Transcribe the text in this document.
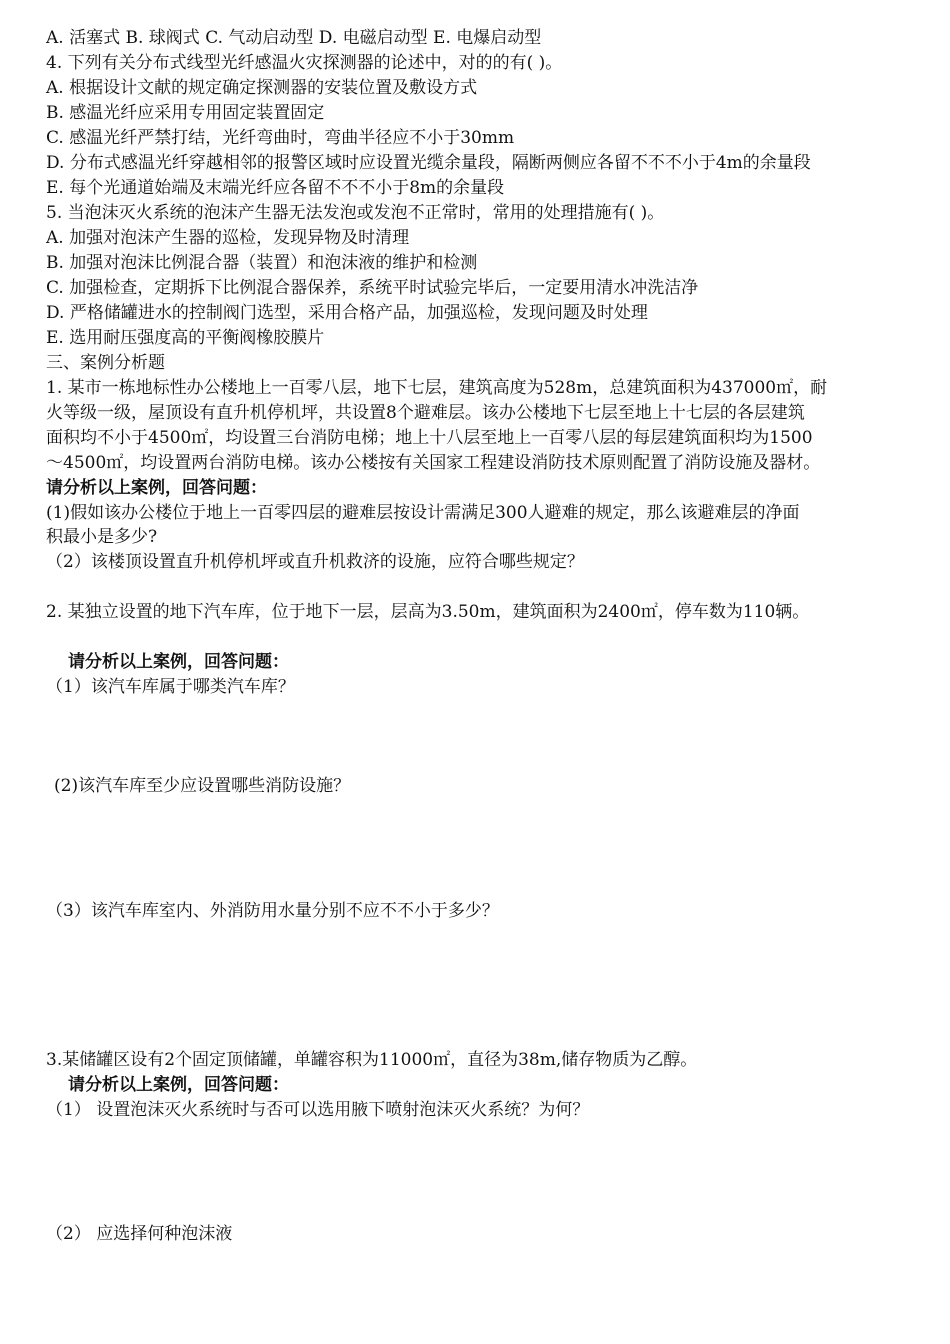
A. 活塞式 B. 球阀式 C. 气动启动型 D. 电磁启动型 E. 电爆启动型
4. 下列有关分布式线型光纤感温火灾探测器的论述中，对的的有( )。
A. 根据设计文献的规定确定探测器的安装位置及敷设方式
B. 感温光纤应采用专用固定装置固定
C. 感温光纤严禁打结，光纤弯曲时，弯曲半径应不小于30mm
D. 分布式感温光纤穿越相邻的报警区域时应设置光缆余量段，隔断两侧应各留不不不小于4m的余量段
E. 每个光通道始端及末端光纤应各留不不不小于8m的余量段
5. 当泡沫灭火系统的泡沫产生器无法发泡或发泡不正常时，常用的处理措施有( )。
A. 加强对泡沫产生器的巡检，发现异物及时清理
B. 加强对泡沫比例混合器（装置）和泡沫液的维护和检测
C. 加强检查，定期拆下比例混合器保养，系统平时试验完毕后，一定要用清水冲洗洁净
D. 严格储罐进水的控制阀门选型，采用合格产品，加强巡检，发现问题及时处理
E. 选用耐压强度高的平衡阀橡胶膜片
三、案例分析题
1. 某市一栋地标性办公楼地上一百零八层，地下七层，建筑高度为528m，总建筑面积为437000㎡，耐
火等级一级，屋顶设有直升机停机坪，共设置8个避难层。该办公楼地下七层至地上十七层的各层建筑
面积均不小于4500㎡，均设置三台消防电梯；地上十八层至地上一百零八层的每层建筑面积均为1500
～4500㎡，均设置两台消防电梯。该办公楼按有关国家工程建设消防技术原则配置了消防设施及器材。
请分析以上案例，回答问题：
(1)假如该办公楼位于地上一百零四层的避难层按设计需满足300人避难的规定，那么该避难层的净面
积最小是多少?
（2）该楼顶设置直升机停机坪或直升机救济的设施，应符合哪些规定？
2. 某独立设置的地下汽车库，位于地下一层，层高为3.50m，建筑面积为2400㎡，停车数为110辆。
请分析以上案例，回答问题：
（1）该汽车库属于哪类汽车库？
(2)该汽车库至少应设置哪些消防设施？
（3）该汽车库室内、外消防用水量分别不应不不小于多少？
3.某储罐区设有2个固定顶储罐，单罐容积为11000㎡，直径为38m,储存物质为乙醇。
请分析以上案例，回答问题：
（1） 设置泡沫灭火系统时与否可以选用腋下喷射泡沫灭火系统？为何？
（2） 应选择何种泡沫液
